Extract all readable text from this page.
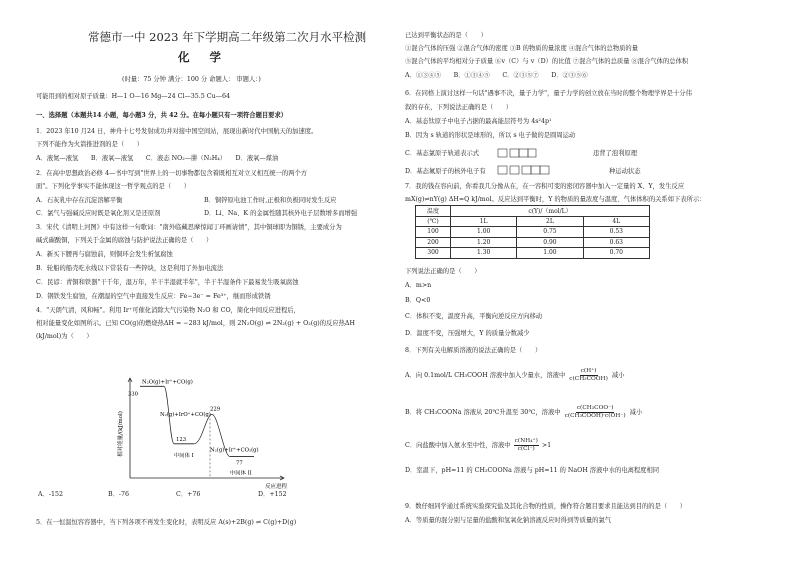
常德市一中 2023 年下学期高二年级第二次月水平检测
化 学
(时量：75 分钟 满分：100 分 命题人： 审题人：)
可能用到的相对原子质量：H—1 O—16 Mg—24 Cl—35.5 Cu—64
一、选择题（本题共14 小题，每小题3 分，共 42 分。在每小题只有一项符合题目要求）
1．2023 年10 月24 日，神舟十七号发射成功并对接中国空间站，展现出新时代中国航天的加速度。
下列不能作为火箭推进剂的是（　　）
A．液氮—液氢　　B．液氧—液氢　　C．液态 NO₂—肼（N₂H₄）　　D．液氧—煤油
2．在高中思想政治必修 4—书中写到"世界上的一切事物都包含着既相互对立又相互统一的两个方
面"。下列化学事实不能体现这一哲学观点的是（　　）
A．石灰乳中存在沉淀溶解平衡	B．铜锌原电池工作时,正极和负极同时发生反应
C．氯气与强碱反应时既是氧化剂又是还原剂	D．Li、Na、K 的金属性随其核外电子层数增多而增强
3．宋代《清明上河图》中有这样一句歌词："南外临藏思摩惊闻丁环画请情"，其中铜球即为铜锈，主要成分为
碱式碳酸铜，下列关于金属的腐蚀与防护说法正确的是（　　）
A．新买下腰再与腐蚀前，则铜环会发生析氢腐蚀
B．轮船的船壳吃水线以下常装有一些锌块，这是利用了外加电流法
C．民谚：青铜和铁器"干千年，湿万年，半干半湿就半年"，半干半湿条件下最易发生吸氧腐蚀
D．钢铁发生腐蚀，在潮湿的空气中直接发生反应：Fe−3e⁻ = Fe³⁺，继而形成铁锈
4．"天朗气清，风和畅"。利用 Ir⁺可催化消除大气污染物 N₂O 和 CO，简化中间反应进程后，
相对能量变化如图所示。已知 CO(g)的燃烧热ΔH = −283 kJ/mol，则 2N₂O(g) ⇌ 2N₂(g) + O₂(g)的反应热ΔH
(kJ/mol)为（　　）
相对能量/(kJ/mol)
反应进程
N₂O(g)+Ir⁺+CO(g)
330
N₂(g)+IrO⁺+CO(g)
123
中间体 I
229
N₂(g)+Ir⁺+CO₂(g)
77
中间体 II
A．-152	B．-76	C．+76	D．+152
5．在一恒温恒容容器中，当下列各项不再发生变化时，表明反应 A(s)+2B(g) ⇌ C(g)+D(g)
已达到平衡状态的是（　　）
①混合气体的压强 ②混合气体的密度 ③B 的物质的量浓度 ④混合气体的总物质的量
⑤混合气体的平均相对分子质量 ⑥v（C）与 v（D）的比值 ⑦混合气体的总质量 ⑧混合气体的总体积
A．①③④⑤　　B．①③④⑤　　C．②③⑤⑦　　D．②③⑤⑥
6．在同格上演讨这样一句话"遇事不决，量子力学"，量子力学的创立放在当时的整个物理学界是十分伟
叙的存在，下列说法正确的是（　　）
A．基态钛原子中电子占据的最高能层符号为 4s²4p¹
B．因为 s 轨道的形状是球形的，所以 s 电子做的是圆周运动
C．基态氯原子轨道表示式	违背了泡利原理
D．基态氟原子的核外电子有	种运动状态
7．我的钱在容向前，你看我几分像从在，在一容积可变的密闭容器中加入一定量的 X、Y，发生反应
mX(g)⇌nY(g) ΔH=Q kJ/mol。反应达到平衡时，Y 的物质的量浓度与温度、气体体积的关系如下表所示：
温度	c(Y)/（mol/L）		
(℃)	1L	2L	4L
100	1.00	0.75	0.53
200	1.20	0.90	0.63
300	1.30	1.00	0.70
下列说法正确的是（　　）
A．m>n
B．Q<0
C．体积不变，温度升高，平衡向逆反应方向移动
D．温度不变，压强增大，Y 的质量分数减少
8．下列有关电解质溶液的说法正确的是（　　）
A．向 0.1mol/L CH₃COOH 溶液中加入少量水，溶液中 $\frac{c(H^+)}{\text{c(CH₃COOH)}}$ 减小
B．将 CH₃COONa 溶液从 20℃升温至 30℃，溶液中 $\frac{\text{c(CH₃COO⁻)}}{\text{c(CH₃COOH)·c(OH⁻)}}$ 减小
C．向盐酸中加入氨水至中性，溶液中 $\frac{\text{c(NH₄⁺)}}{c(Cl^-)} >1$
D．室温下，pH=11 的 CH₃COONa 溶液与 pH=11 的 NaOH 溶液中水的电离程度相同
9．数仔细同学通过系统实验探究盐及其化合物的性质，操作符合题目要求且能达到目的的是（　　）
A．等质量的混分别与足量的盐酸和氢氧化钠溶液反应时得到等质量的氯气
